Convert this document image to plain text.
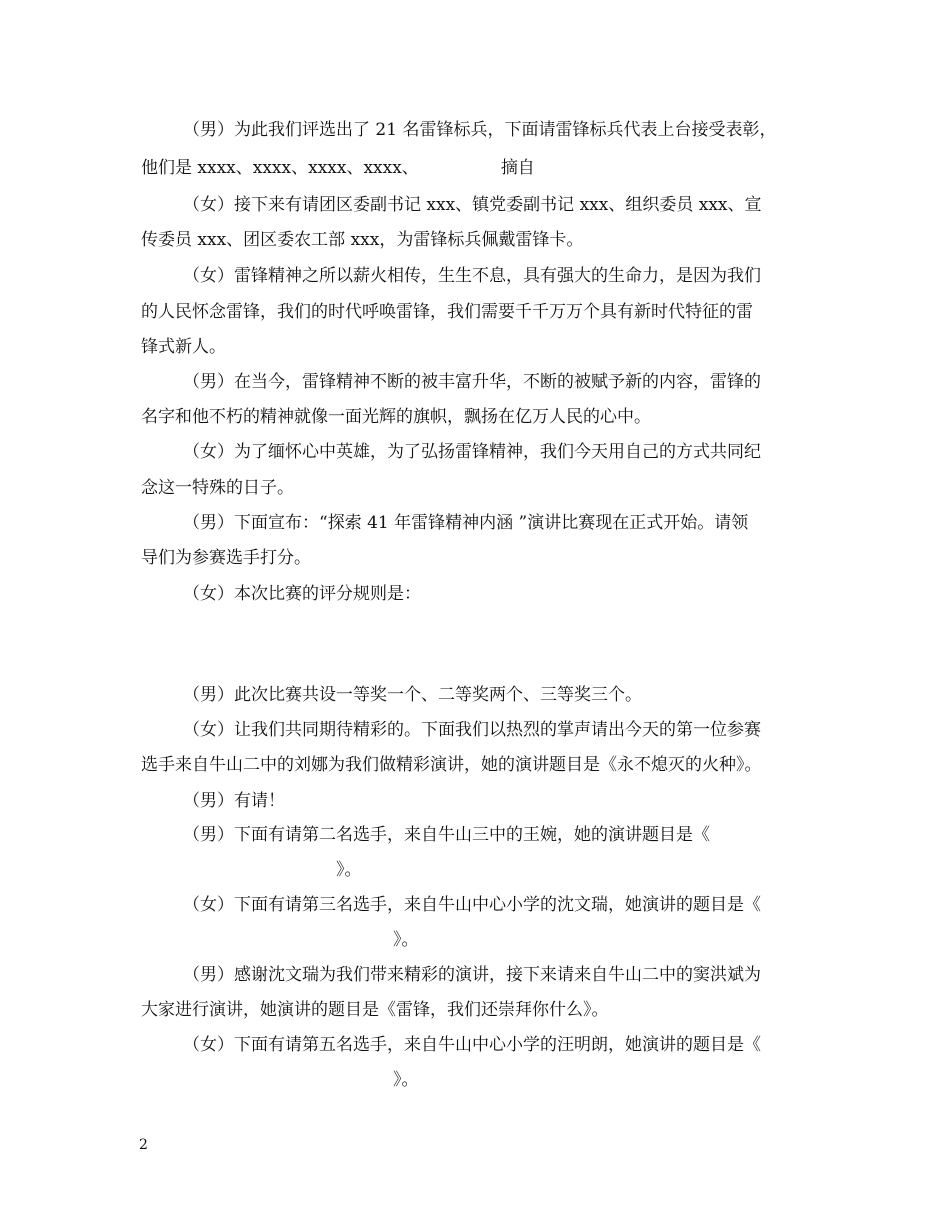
（男）为此我们评选出了 21 名雷锋标兵，下面请雷锋标兵代表上台接受表彰，
他们是 xxxx、xxxx、xxxx、xxxx、	摘自
（女）接下来有请团区委副书记 xxx、镇党委副书记 xxx、组织委员 xxx、宣
传委员 xxx、团区委农工部 xxx，为雷锋标兵佩戴雷锋卡。
（女）雷锋精神之所以薪火相传，生生不息，具有强大的生命力，是因为我们
的人民怀念雷锋，我们的时代呼唤雷锋，我们需要千千万万个具有新时代特征的雷
锋式新人。
（男）在当今，雷锋精神不断的被丰富升华，不断的被赋予新的内容，雷锋的
名字和他不朽的精神就像一面光辉的旗帜，飘扬在亿万人民的心中。
（女）为了缅怀心中英雄，为了弘扬雷锋精神，我们今天用自己的方式共同纪
念这一特殊的日子。
（男）下面宣布：“探索 41 年雷锋精神内涵 ”演讲比赛现在正式开始。请领
导们为参赛选手打分。
（女）本次比赛的评分规则是：
（男）此次比赛共设一等奖一个、二等奖两个、三等奖三个。
（女）让我们共同期待精彩的。下面我们以热烈的掌声请出今天的第一位参赛
选手来自牛山二中的刘娜为我们做精彩演讲，她的演讲题目是《永不熄灭的火种》。
（男）有请！
（男）下面有请第二名选手，来自牛山三中的王婉，她的演讲题目是《
》。
（女）下面有请第三名选手，来自牛山中心小学的沈文瑞，她演讲的题目是《
》。
（男）感谢沈文瑞为我们带来精彩的演讲，接下来请来自牛山二中的窦洪斌为
大家进行演讲，她演讲的题目是《雷锋，我们还崇拜你什么》。
（女）下面有请第五名选手，来自牛山中心小学的汪明朗，她演讲的题目是《
》。
2
